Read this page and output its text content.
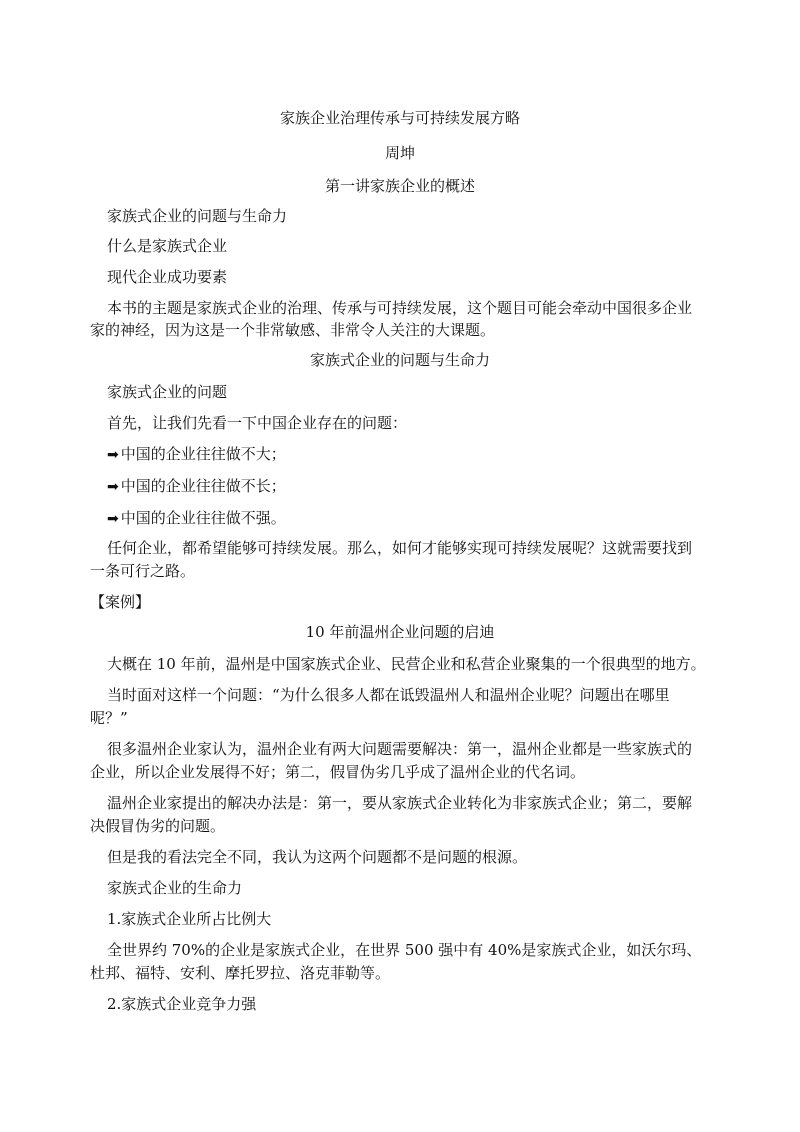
家族企业治理传承与可持续发展方略
周坤
第一讲家族企业的概述
家族式企业的问题与生命力
什么是家族式企业
现代企业成功要素
本书的主题是家族式企业的治理、传承与可持续发展，这个题目可能会牵动中国很多企业
家的神经，因为这是一个非常敏感、非常令人关注的大课题。
家族式企业的问题与生命力
家族式企业的问题
首先，让我们先看一下中国企业存在的问题：
➡ 中国的企业往往做不大；
➡ 中国的企业往往做不长；
➡ 中国的企业往往做不强。
任何企业，都希望能够可持续发展。那么，如何才能够实现可持续发展呢？这就需要找到
一条可行之路。
【案例】
10 年前温州企业问题的启迪
大概在 10 年前，温州是中国家族式企业、民营企业和私营企业聚集的一个很典型的地方。
当时面对这样一个问题：“为什么很多人都在诋毁温州人和温州企业呢？问题出在哪里
呢？”
很多温州企业家认为，温州企业有两大问题需要解决：第一，温州企业都是一些家族式的
企业，所以企业发展得不好；第二，假冒伪劣几乎成了温州企业的代名词。
温州企业家提出的解决办法是：第一，要从家族式企业转化为非家族式企业；第二，要解
决假冒伪劣的问题。
但是我的看法完全不同，我认为这两个问题都不是问题的根源。
家族式企业的生命力
1.家族式企业所占比例大
全世界约 70%的企业是家族式企业，在世界 500 强中有 40%是家族式企业，如沃尔玛、
杜邦、福特、安利、摩托罗拉、洛克菲勒等。
2.家族式企业竞争力强
